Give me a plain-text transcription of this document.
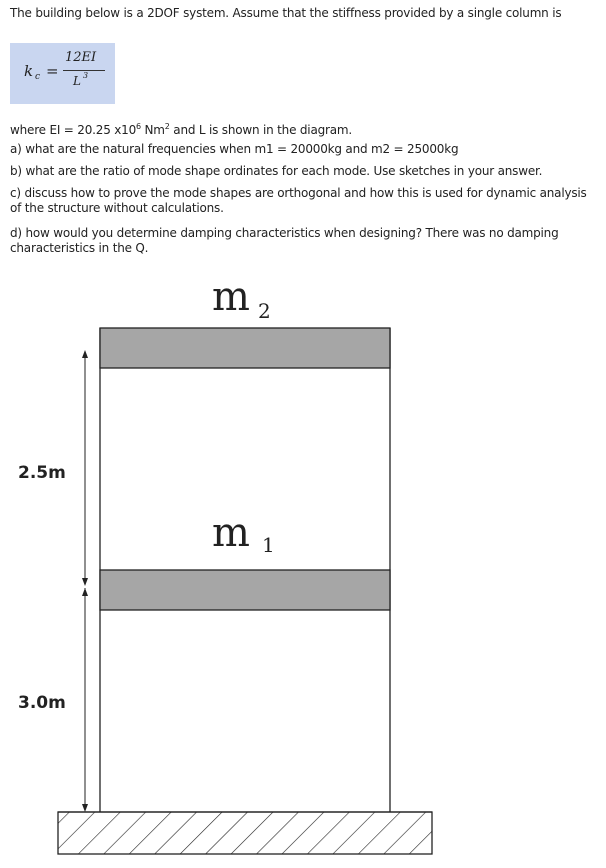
The building below is a 2DOF system. Assume that the stiffness provided by a single column is

k c =
12EI
L 3

where EI = 20.25 $x10^6$ Nm$^2$ and L is shown in the diagram.

a) what are the natural frequencies when m1 = 20000kg and m2 = 25000kg

b) what are the ratio of mode shape ordinates for each mode. Use sketches in your answer.

c) discuss how to prove the mode shapes are orthogonal and how this is used for dynamic analysis of the structure without calculations.

d) how would you determine damping characteristics when designing? There was no damping characteristics in the Q.

m 2
m 1
2.5m
3.0m
